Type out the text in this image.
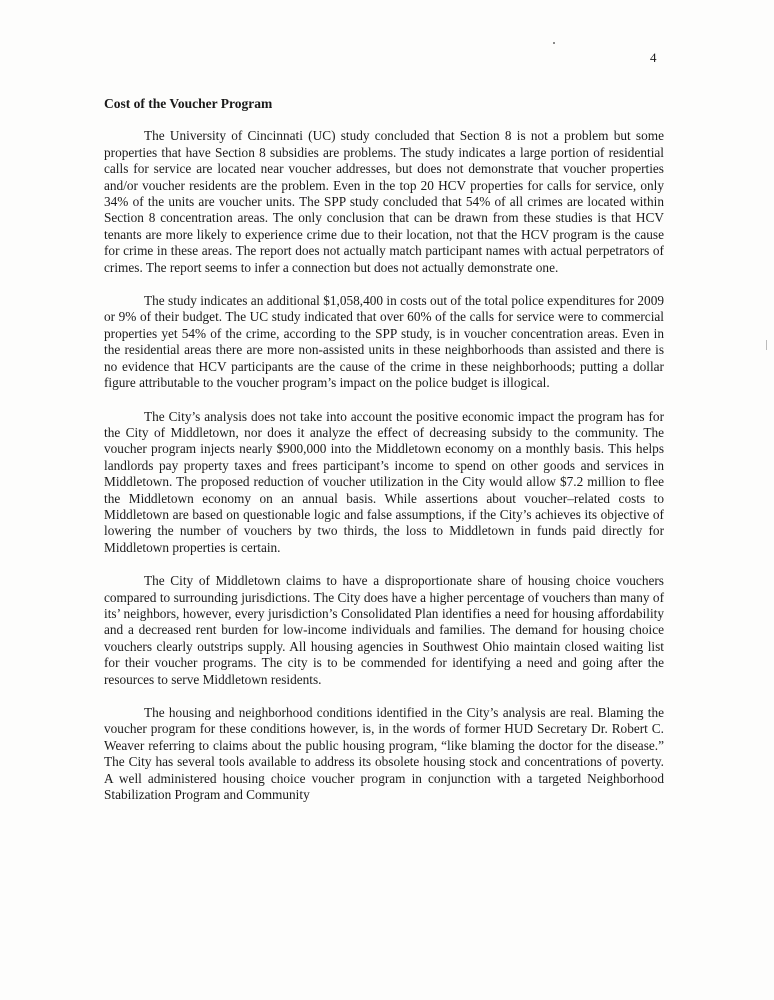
4
Cost of the Voucher Program

The University of Cincinnati (UC) study concluded that Section 8 is not a problem but some properties that have Section 8 subsidies are problems. The study indicates a large portion of residential calls for service are located near voucher addresses, but does not demonstrate that voucher properties and/or voucher residents are the problem. Even in the top 20 HCV properties for calls for service, only 34% of the units are voucher units. The SPP study concluded that 54% of all crimes are located within Section 8 concentration areas. The only conclusion that can be drawn from these studies is that HCV tenants are more likely to experience crime due to their location, not that the HCV program is the cause for crime in these areas. The report does not actually match participant names with actual perpetrators of crimes. The report seems to infer a connection but does not actually demonstrate one.

The study indicates an additional $1,058,400 in costs out of the total police expenditures for 2009 or 9% of their budget. The UC study indicated that over 60% of the calls for service were to commercial properties yet 54% of the crime, according to the SPP study, is in voucher concentration areas. Even in the residential areas there are more non-assisted units in these neighborhoods than assisted and there is no evidence that HCV participants are the cause of the crime in these neighborhoods; putting a dollar figure attributable to the voucher program’s impact on the police budget is illogical.

The City’s analysis does not take into account the positive economic impact the program has for the City of Middletown, nor does it analyze the effect of decreasing subsidy to the community. The voucher program injects nearly $900,000 into the Middletown economy on a monthly basis. This helps landlords pay property taxes and frees participant’s income to spend on other goods and services in Middletown. The proposed reduction of voucher utilization in the City would allow $7.2 million to flee the Middletown economy on an annual basis. While assertions about voucher–related costs to Middletown are based on questionable logic and false assumptions, if the City’s achieves its objective of lowering the number of vouchers by two thirds, the loss to Middletown in funds paid directly for Middletown properties is certain.

The City of Middletown claims to have a disproportionate share of housing choice vouchers compared to surrounding jurisdictions. The City does have a higher percentage of vouchers than many of its’ neighbors, however, every jurisdiction’s Consolidated Plan identifies a need for housing affordability and a decreased rent burden for low-income individuals and families. The demand for housing choice vouchers clearly outstrips supply. All housing agencies in Southwest Ohio maintain closed waiting list for their voucher programs. The city is to be commended for identifying a need and going after the resources to serve Middletown residents.

The housing and neighborhood conditions identified in the City’s analysis are real. Blaming the voucher program for these conditions however, is, in the words of former HUD Secretary Dr. Robert C. Weaver referring to claims about the public housing program, “like blaming the doctor for the disease.” The City has several tools available to address its obsolete housing stock and concentrations of poverty. A well administered housing choice voucher program in conjunction with a targeted Neighborhood Stabilization Program and Community
